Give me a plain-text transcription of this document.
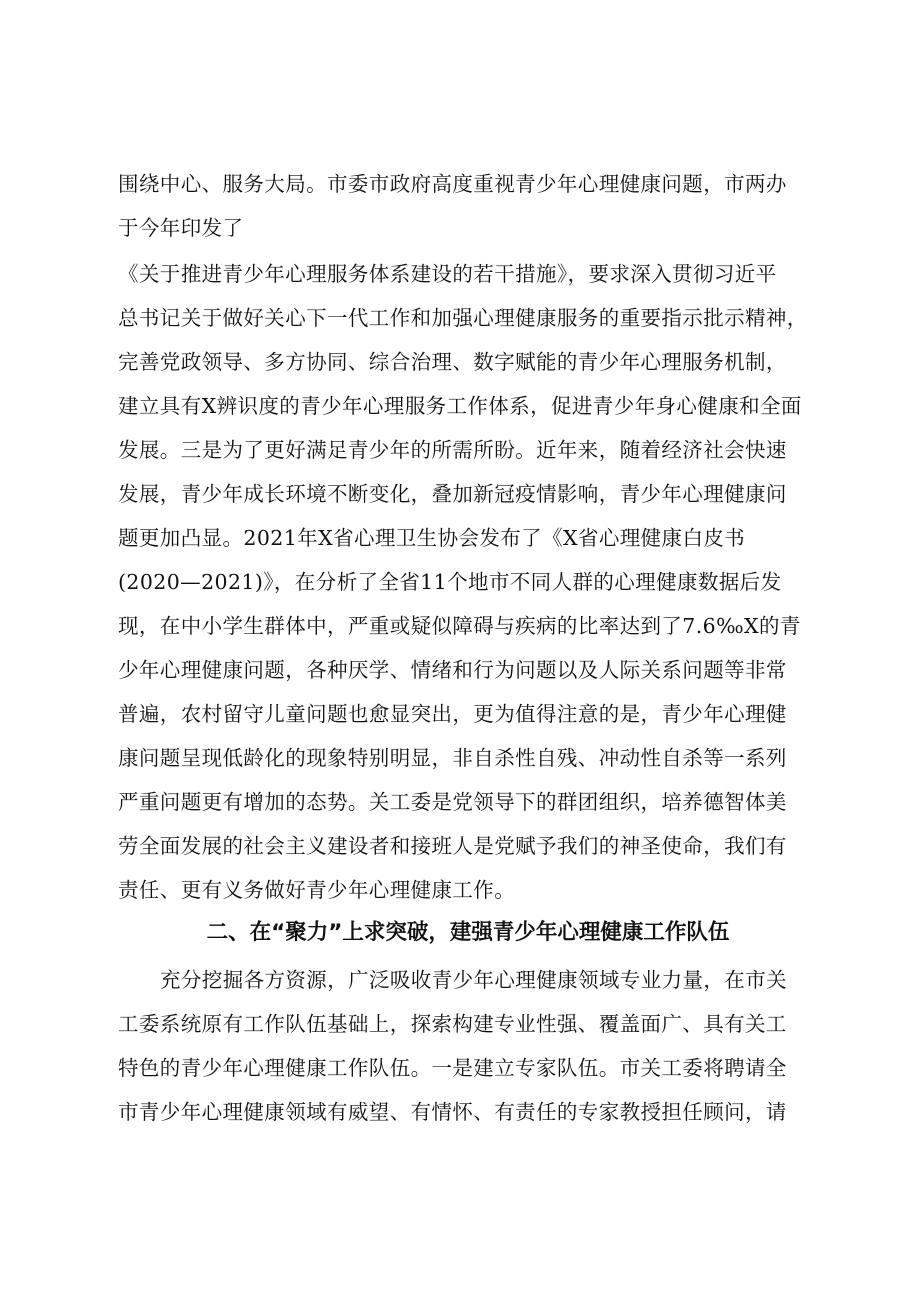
围绕中心、服务大局。市委市政府高度重视青少年心理健康问题，市两办
于今年印发了
《关于推进青少年心理服务体系建设的若干措施》，要求深入贯彻习近平
总书记关于做好关心下一代工作和加强心理健康服务的重要指示批示精神，
完善党政领导、多方协同、综合治理、数字赋能的青少年心理服务机制，
建立具有X辨识度的青少年心理服务工作体系，促进青少年身心健康和全面
发展。三是为了更好满足青少年的所需所盼。近年来，随着经济社会快速
发展，青少年成长环境不断变化，叠加新冠疫情影响，青少年心理健康问
题更加凸显。2021年X省心理卫生协会发布了《X省心理健康白皮书
(2020—2021)》，在分析了全省11个地市不同人群的心理健康数据后发
现，在中小学生群体中，严重或疑似障碍与疾病的比率达到了7.6‰X的青
少年心理健康问题，各种厌学、情绪和行为问题以及人际关系问题等非常
普遍，农村留守儿童问题也愈显突出，更为值得注意的是，青少年心理健
康问题呈现低龄化的现象特别明显，非自杀性自残、冲动性自杀等一系列
严重问题更有增加的态势。关工委是党领导下的群团组织，培养德智体美
劳全面发展的社会主义建设者和接班人是党赋予我们的神圣使命，我们有
责任、更有义务做好青少年心理健康工作。
二、在“聚力”上求突破，建强青少年心理健康工作队伍
充分挖掘各方资源，广泛吸收青少年心理健康领域专业力量，在市关
工委系统原有工作队伍基础上，探索构建专业性强、覆盖面广、具有关工
特色的青少年心理健康工作队伍。一是建立专家队伍。市关工委将聘请全
市青少年心理健康领域有威望、有情怀、有责任的专家教授担任顾问，请
